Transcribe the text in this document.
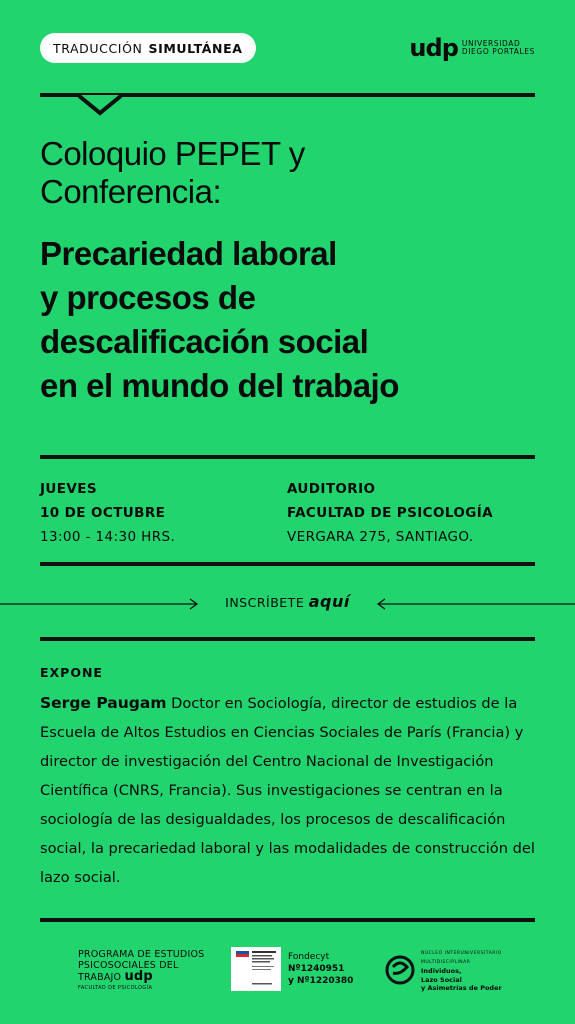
TRADUCCIÓN SIMULTÁNEA	udp UNIVERSIDAD
DIEGO PORTALES
Coloquio PEPET y
Conferencia:
Precariedad laboral
y procesos de
descalificación social
en el mundo del trabajo
JUEVES
10 DE OCTUBRE
13:00 - 14:30 HRS.
AUDITORIO
FACULTAD DE PSICOLOGÍA
VERGARA 275, SANTIAGO.
INSCRÍBETE aquí
EXPONE
Serge Paugam Doctor en Sociología, director de estudios de la Escuela de Altos Estudios en Ciencias Sociales de París (Francia) y director de investigación del Centro Nacional de Investigación Científica (CNRS, Francia). Sus investigaciones se centran en la sociología de las desigualdades, los procesos de descalificación social, la precariedad laboral y las modalidades de construcción del lazo social.
PROGRAMA DE ESTUDIOS
PSICOSOCIALES DEL
TRABAJO udp
FACULTAD DE PSICOLOGÍA
Fondecyt
Nº1240951
y Nº1220380
NÚCLEO INTERUNIVERSITARIO
MULTIDISCIPLINAR
Individuos,
Lazo Social
y Asimetrías de Poder
